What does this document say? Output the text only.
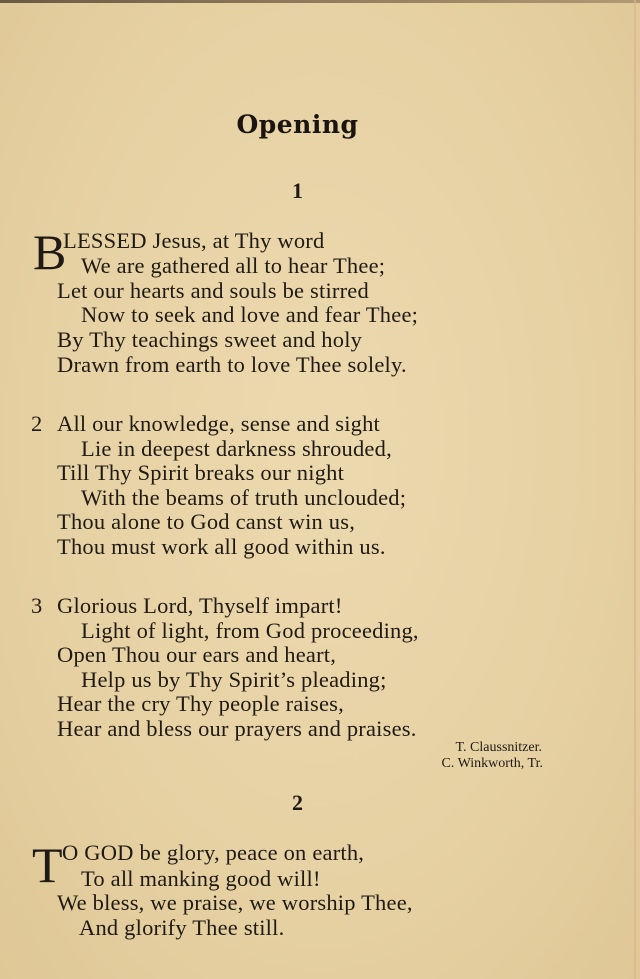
Opening
1
B
LESSED Jesus, at Thy word
We are gathered all to hear Thee;
Let our hearts and souls be stirred
Now to seek and love and fear Thee;
By Thy teachings sweet and holy
Drawn from earth to love Thee solely.
2 All our knowledge, sense and sight
Lie in deepest darkness shrouded,
Till Thy Spirit breaks our night
With the beams of truth unclouded;
Thou alone to God canst win us,
Thou must work all good within us.
3 Glorious Lord, Thyself impart!
Light of light, from God proceeding,
Open Thou our ears and heart,
Help us by Thy Spirit’s pleading;
Hear the cry Thy people raises,
Hear and bless our prayers and praises.
T. Claussnitzer.
C. Winkworth, Tr.
2
T O GOD be glory, peace on earth,
To all manking good will!
We bless, we praise, we worship Thee,
And glorify Thee still.
